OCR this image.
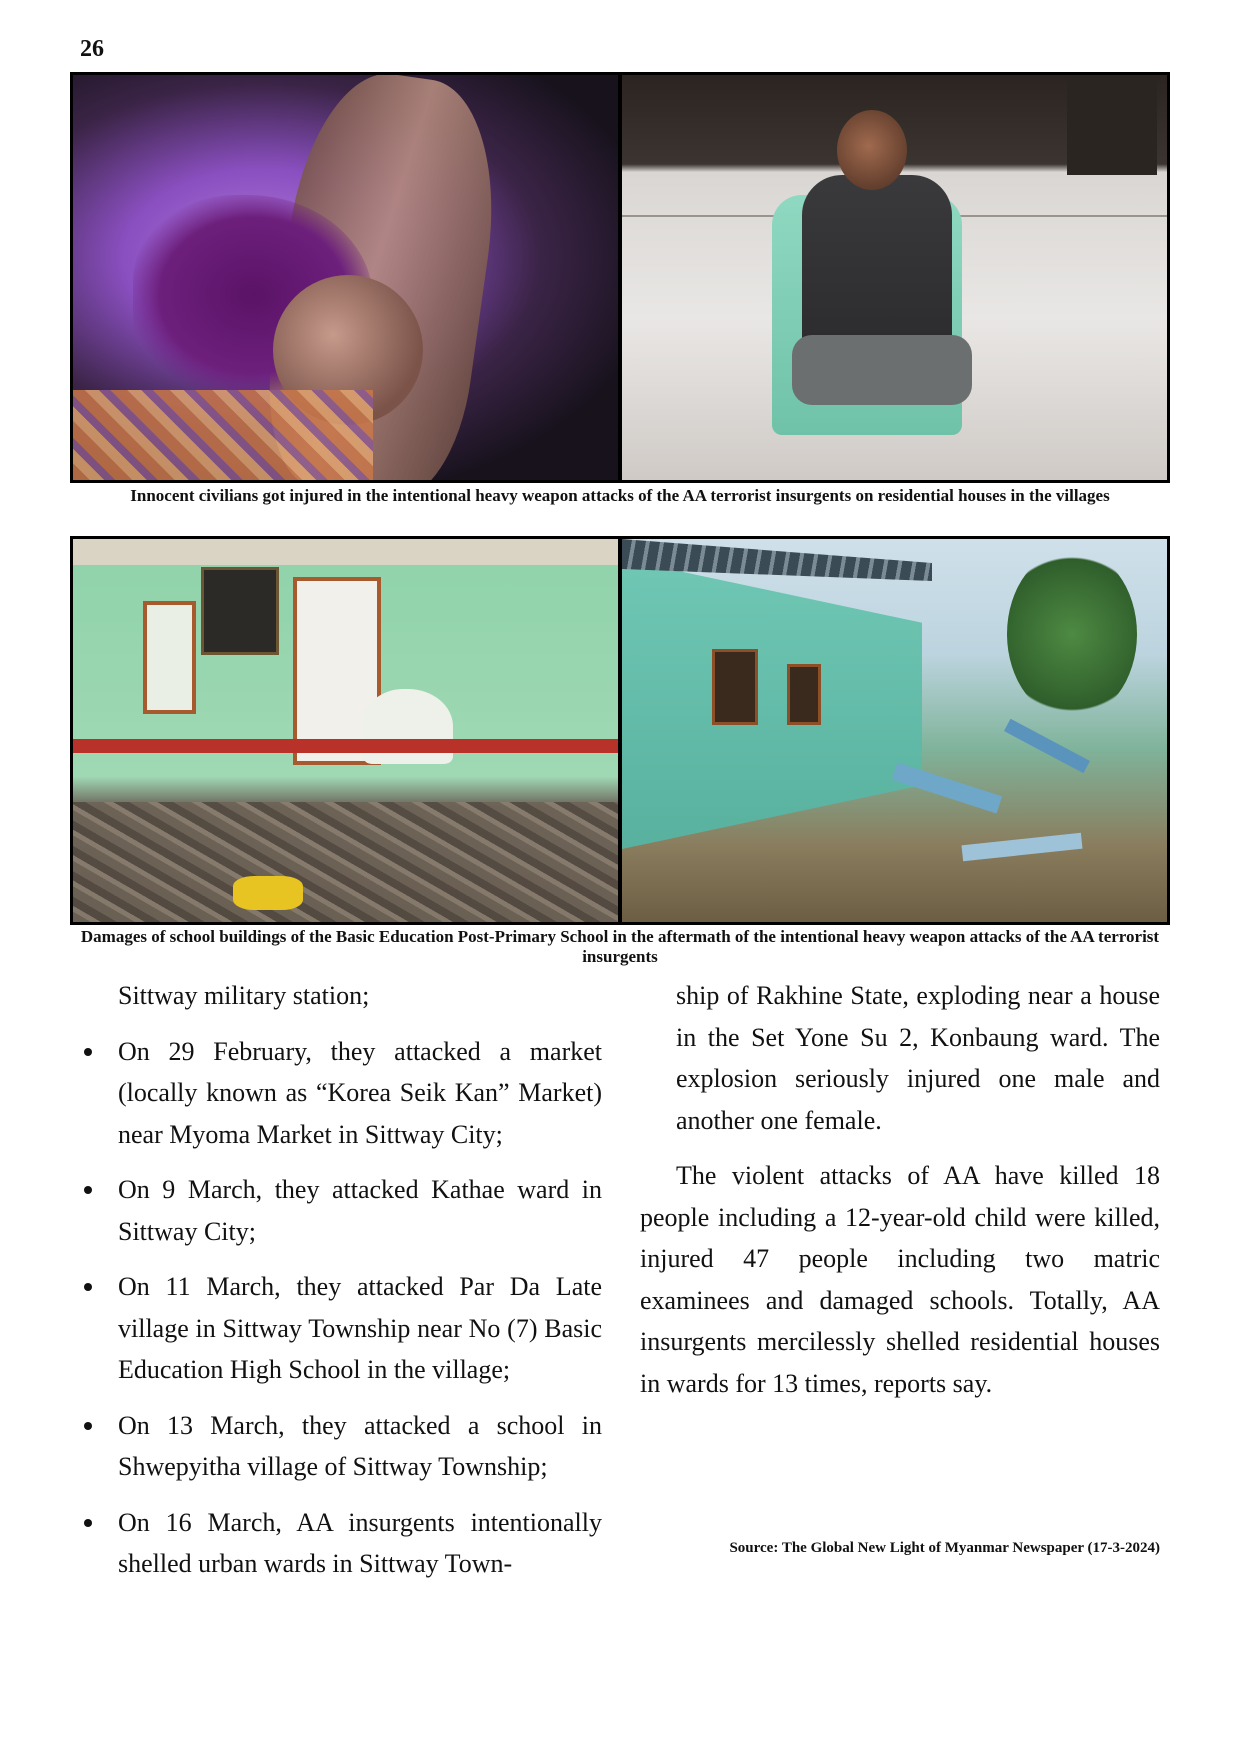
26
Innocent civilians got injured in the intentional heavy weapon attacks of the AA terrorist insurgents on residential houses in the villages
Damages of school buildings of the Basic Education Post-Primary School in the aftermath of the intentional heavy weapon attacks of the AA terrorist insurgents

Sittway military station;

On 29 February, they attacked a market (locally known as “Korea Seik Kan” Market) near Myoma Market in Sittway City;
On 9 March, they attacked Kathae ward in Sittway City;
On 11 March, they attacked Par Da Late village in Sittway Township near No (7) Basic Education High School in the village;
On 13 March, they attacked a school in Shwepyitha village of Sittway Township;
On 16 March, AA insurgents intentionally shelled urban wards in Sittway Town-

ship of Rakhine State, exploding near a house in the Set Yone Su 2, Konbaung ward. The explosion seriously injured one male and another one female.

The violent attacks of AA have killed 18 people including a 12-year-old child were killed, injured 47 people including two matric examinees and damaged schools. Totally, AA insurgents mercilessly shelled residential houses in wards for 13 times, reports say.

Source: The Global New Light of Myanmar Newspaper (17-3-2024)
